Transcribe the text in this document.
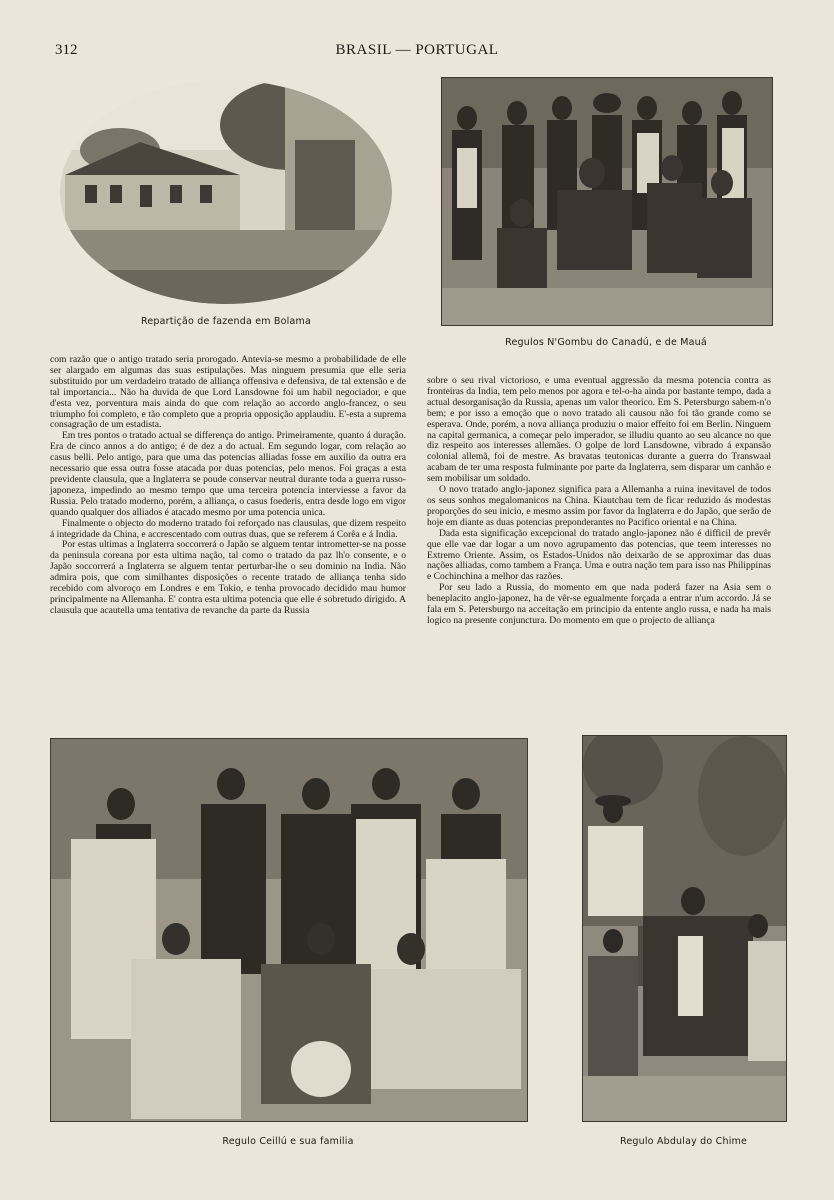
312	BRASIL — PORTUGAL
Repartição de fazenda em Bolama
Regulos N'Gombu do Canadú, e de Mauá

com razão que o antigo tratado seria prorogado. Antevia-se mesmo a probabilidade de elle ser alargado em algumas das suas estipulações. Mas ninguem presumia que elle seria substituido por um verdadeiro tratado de alliança offensiva e defensiva, de tal extensão e de tal importancia... Não ha duvida de que Lord Lansdowne foi um habil negociador, e que d'esta vez, porventura mais ainda do que com relação ao accordo anglo-francez, o seu triumpho foi completo, e tão completo que a propria opposição applaudiu. E'-esta a suprema consagração de um estadista.

Em tres pontos o tratado actual se differença do antigo. Primeiramente, quanto á duração. Era de cinco annos a do antigo; é de dez a do actual. Em segundo logar, com relação ao casus belli. Pelo antigo, para que uma das potencias alliadas fosse em auxilio da outra era necessario que essa outra fosse atacada por duas potencias, pelo menos. Foi graças a esta previdente clausula, que a Inglaterra se poude conservar neutral durante toda a guerra russo-japoneza, impedindo ao mesmo tempo que uma terceira potencia interviesse a favor da Russia. Pelo tratado moderno, porém, a alliança, o casus foederis, entra desde logo em vigor quando qualquer dos alliados é atacado mesmo por uma potencia unica.

Finalmente o objecto do moderno tratado foi reforçado nas clausulas, que dizem respeito á integridade da China, e accrescentado com outras duas, que se referem á Corêa e á India.

Por estas ultimas a Inglaterra soccorrerá o Japão se alguem tentar intrometter-se na posse da peninsula coreana por esta ultima nação, tal como o tratado da paz lh'o consente, e o Japão soccorrerá a Inglaterra se alguem tentar perturbar-lhe o seu dominio na India. Não admira pois, que com similhantes disposições o recente tratado de alliança tenha sido recebido com alvoroço em Londres e em Tokio, e tenha provocado decidido mau humor principalmente na Allemanha. E' contra esta ultima potencia que elle é sobretudo dirigido. A clausula que acautella uma tentativa de revanche da parte da Russia

sobre o seu rival victorioso, e uma eventual aggressão da mesma potencia contra as fronteiras da India, tem pelo menos por agora e tel-o-ha ainda por bastante tempo, dada a actual desorganisação da Russia, apenas um valor theorico. Em S. Petersburgo sabem-n'o bem; e por isso a emoção que o novo tratado ali causou não foi tão grande como se esperava. Onde, porém, a nova alliança produziu o maior effeito foi em Berlin. Ninguem na capital germanica, a começar pelo imperador, se illudiu quanto ao seu alcance no que diz respeito aos interesses allemães. O golpe de lord Lansdowne, vibrado á expansão colonial allemã, foi de mestre. As bravatas teutonicas durante a guerra do Transwaal acabam de ter uma resposta fulminante por parte da Inglaterra, sem disparar um canhão e sem mobilisar um soldado.

O novo tratado anglo-japonez significa para a Allemanha a ruina inevitavel de todos os seus sonhos megalomanicos na China. Kiautchau tem de ficar reduzido ás modestas proporções do seu inicio, e mesmo assim por favor da Inglaterra e do Japão, que serão de hoje em diante as duas potencias preponderantes no Pacifico oriental e na China.

Dada esta significação excepcional do tratado anglo-japonez não é difficil de prevêr que elle vae dar logar a um novo agrupamento das potencias, que teem interesses no Extremo Oriente. Assim, os Estados-Unidos não deixarão de se approximar das duas nações alliadas, como tambem a França. Uma e outra nação tem para isso nas Philippinas e Cochinchina a melhor das razões.

Por seu lado a Russia, do momento em que nada poderá fazer na Asia sem o beneplacito anglo-japonez, ha de vêr-se egualmente forçada a entrar n'um accordo. Já se fala em S. Petersburgo na acceitação em principio da entente anglo russa, e nada ha mais logico na presente conjunctura. Do momento em que o projecto de alliança

Regulo Ceillú e sua familia	Regulo Abdulay do Chime
